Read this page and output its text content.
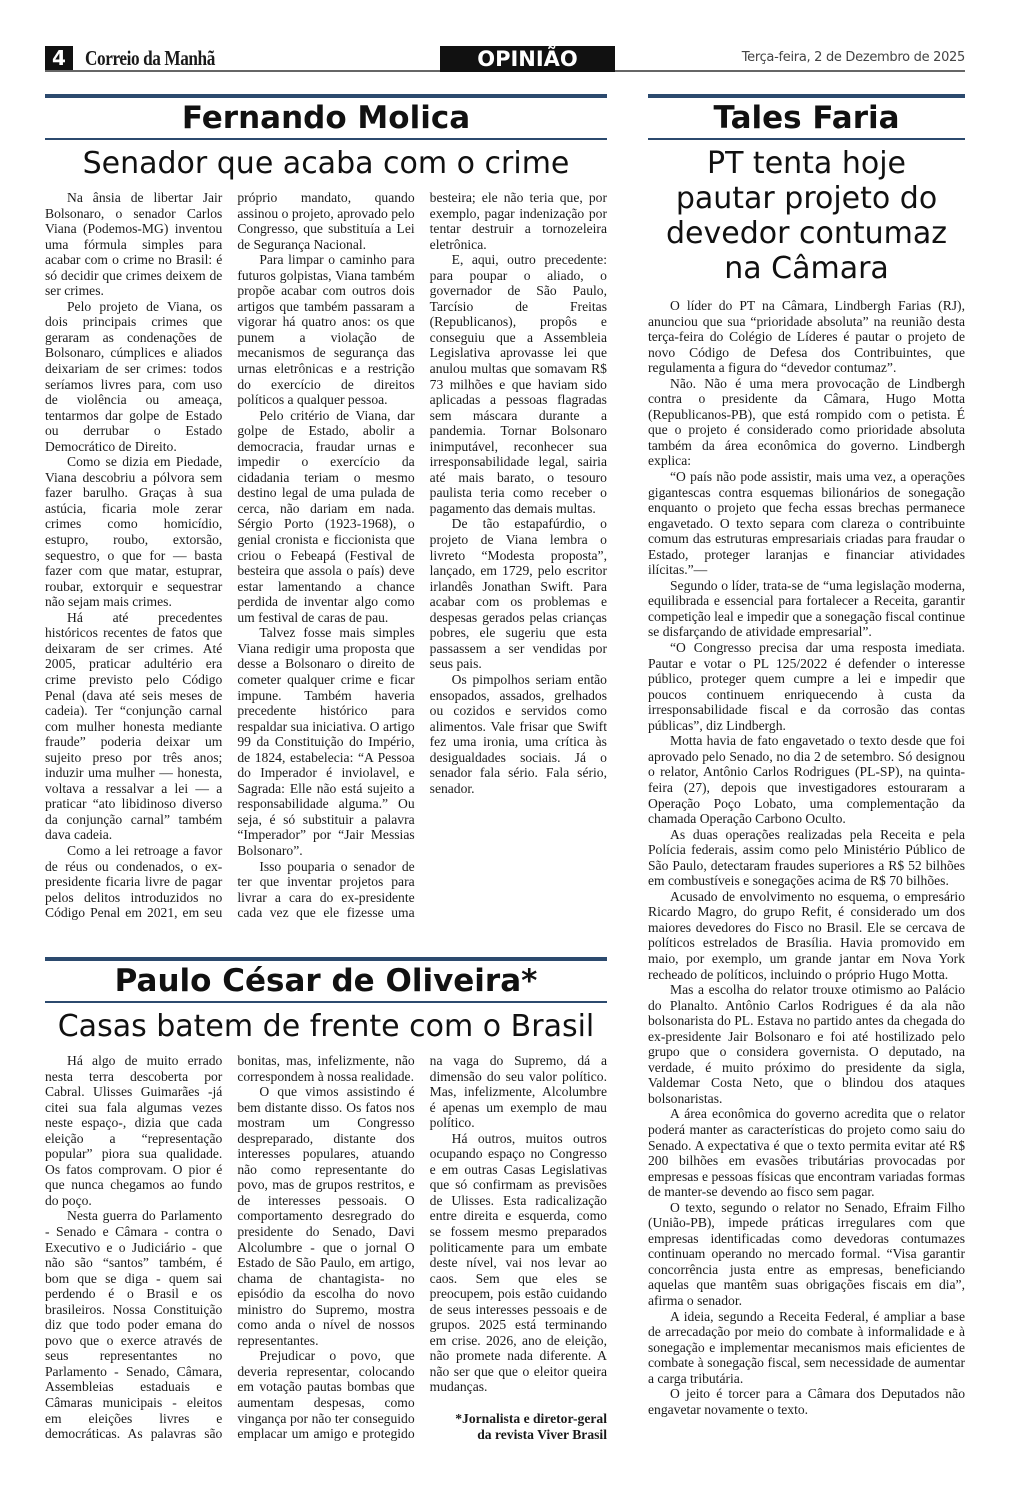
4 Correio da Manhã	OPINIÃO	Terça-feira, 2 de Dezembro de 2025
Fernando Molica
Senador que acaba com o crime

Na ânsia de libertar Jair Bolsonaro, o senador Carlos Viana (Podemos-MG) inventou uma fórmula simples para acabar com o crime no Brasil: é só decidir que crimes deixem de ser crimes.

Pelo projeto de Viana, os dois principais crimes que geraram as condenações de Bolsonaro, cúmplices e aliados deixariam de ser crimes: todos seríamos livres para, com uso de violência ou ameaça, tentarmos dar golpe de Estado ou derrubar o Estado Democrático de Direito.

Como se dizia em Piedade, Viana descobriu a pólvora sem fazer barulho. Graças à sua astúcia, ficaria mole zerar crimes como homicídio, estupro, roubo, extorsão, sequestro, o que for — basta fazer com que matar, estuprar, roubar, extorquir e sequestrar não sejam mais crimes.

Há até precedentes históricos recentes de fatos que deixaram de ser crimes. Até 2005, praticar adultério era crime previsto pelo Código Penal (dava até seis meses de cadeia). Ter “conjunção carnal com mulher honesta mediante fraude” poderia deixar um sujeito preso por três anos; induzir uma mulher — honesta, voltava a ressalvar a lei — a praticar “ato libidinoso diverso da conjunção carnal” também dava cadeia.

Como a lei retroage a favor de réus ou condenados, o ex-presidente ficaria livre de pagar pelos delitos introduzidos no Código Penal em 2021, em seu próprio mandato, quando assinou o projeto, aprovado pelo Congresso, que substituía a Lei de Segurança Nacional.

Para limpar o caminho para futuros golpistas, Viana também propõe acabar com outros dois artigos que também passaram a vigorar há quatro anos: os que punem a violação de mecanismos de segurança das urnas eletrônicas e a restrição do exercício de direitos políticos a qualquer pessoa.

Pelo critério de Viana, dar golpe de Estado, abolir a democracia, fraudar urnas e impedir o exercício da cidadania teriam o mesmo destino legal de uma pulada de cerca, não dariam em nada. Sérgio Porto (1923-1968), o genial cronista e ficcionista que criou o Febeapá (Festival de besteira que assola o país) deve estar lamentando a chance perdida de inventar algo como um festival de caras de pau.

Talvez fosse mais simples Viana redigir uma proposta que desse a Bolsonaro o direito de cometer qualquer crime e ficar impune. Também haveria precedente histórico para respaldar sua iniciativa. O artigo 99 da Constituição do Império, de 1824, estabelecia: “A Pessoa do Imperador é inviolavel, e Sagrada: Elle não está sujeito a responsabilidade alguma.” Ou seja, é só substituir a palavra “Imperador” por “Jair Messias Bolsonaro”.

Isso pouparia o senador de ter que inventar projetos para livrar a cara do ex-presidente cada vez que ele fizesse uma besteira; ele não teria que, por exemplo, pagar indenização por tentar destruir a tornozeleira eletrônica.

E, aqui, outro precedente: para poupar o aliado, o governador de São Paulo, Tarcísio de Freitas (Republicanos), propôs e conseguiu que a Assembleia Legislativa aprovasse lei que anulou multas que somavam R$ 73 milhões e que haviam sido aplicadas a pessoas flagradas sem máscara durante a pandemia. Tornar Bolsonaro inimputável, reconhecer sua irresponsabilidade legal, sairia até mais barato, o tesouro paulista teria como receber o pagamento das demais multas.

De tão estapafúrdio, o projeto de Viana lembra o livreto “Modesta proposta”, lançado, em 1729, pelo escritor irlandês Jonathan Swift. Para acabar com os problemas e despesas gerados pelas crianças pobres, ele sugeriu que esta passassem a ser vendidas por seus pais.

Os pimpolhos seriam então ensopados, assados, grelhados ou cozidos e servidos como alimentos. Vale frisar que Swift fez uma ironia, uma crítica às desigualdades sociais. Já o senador fala sério. Fala sério, senador.

Paulo César de Oliveira*
Casas batem de frente com o Brasil

Há algo de muito errado nesta terra descoberta por Cabral. Ulisses Guimarães -já citei sua fala algumas vezes neste espaço-, dizia que cada eleição a “representação popular” piora sua qualidade. Os fatos comprovam. O pior é que nunca chegamos ao fundo do poço.

Nesta guerra do Parlamento - Senado e Câmara - contra o Executivo e o Judiciário - que não são “santos” também, é bom que se diga - quem sai perdendo é o Brasil e os brasileiros. Nossa Constituição diz que todo poder emana do povo que o exerce através de seus representantes no Parlamento - Senado, Câmara, Assembleias estaduais e Câmaras municipais - eleitos em eleições livres e democráticas. As palavras são bonitas, mas, infelizmente, não correspondem à nossa realidade.

O que vimos assistindo é bem distante disso. Os fatos nos mostram um Congresso despreparado, distante dos interesses populares, atuando não como representante do povo, mas de grupos restritos, e de interesses pessoais. O comportamento desregrado do presidente do Senado, Davi Alcolumbre - que o jornal O Estado de São Paulo, em artigo, chama de chantagista- no episódio da escolha do novo ministro do Supremo, mostra como anda o nível de nossos representantes.

Prejudicar o povo, que deveria representar, colocando em votação pautas bombas que aumentam despesas, como vingança por não ter conseguido emplacar um amigo e protegido na vaga do Supremo, dá a dimensão do seu valor político. Mas, infelizmente, Alcolumbre é apenas um exemplo de mau político.

Há outros, muitos outros ocupando espaço no Congresso e em outras Casas Legislativas que só confirmam as previsões de Ulisses. Esta radicalização entre direita e esquerda, como se fossem mesmo preparados politicamente para um embate deste nível, vai nos levar ao caos. Sem que eles se preocupem, pois estão cuidando de seus interesses pessoais e de grupos. 2025 está terminando em crise. 2026, ano de eleição, não promete nada diferente. A não ser que que o eleitor queira mudanças.

*Jornalista e diretor-geral
da revista Viver Brasil
Tales Faria
PT tenta hoje pautar projeto do devedor contumaz na Câmara

O líder do PT na Câmara, Lindbergh Farias (RJ), anunciou que sua “prioridade absoluta” na reunião desta terça-feira do Colégio de Líderes é pautar o projeto de novo Código de Defesa dos Contribuintes, que regulamenta a figura do “devedor contumaz”.

Não. Não é uma mera provocação de Lindbergh contra o presidente da Câmara, Hugo Motta (Republicanos-PB), que está rompido com o petista. É que o projeto é considerado como prioridade absoluta também da área econômica do governo. Lindbergh explica:

“O país não pode assistir, mais uma vez, a operações gigantescas contra esquemas bilionários de sonegação enquanto o projeto que fecha essas brechas permanece engavetado. O texto separa com clareza o contribuinte comum das estruturas empresariais criadas para fraudar o Estado, proteger laranjas e financiar atividades ilícitas.”—

Segundo o líder, trata-se de “uma legislação moderna, equilibrada e essencial para fortalecer a Receita, garantir competição leal e impedir que a sonegação fiscal continue se disfarçando de atividade empresarial”.

“O Congresso precisa dar uma resposta imediata. Pautar e votar o PL 125/2022 é defender o interesse público, proteger quem cumpre a lei e impedir que poucos continuem enriquecendo à custa da irresponsabilidade fiscal e da corrosão das contas públicas”, diz Lindbergh.

Motta havia de fato engavetado o texto desde que foi aprovado pelo Senado, no dia 2 de setembro. Só designou o relator, Antônio Carlos Rodrigues (PL-SP), na quinta-feira (27), depois que investigadores estouraram a Operação Poço Lobato, uma complementação da chamada Operação Carbono Oculto.

As duas operações realizadas pela Receita e pela Polícia federais, assim como pelo Ministério Público de São Paulo, detectaram fraudes superiores a R$ 52 bilhões em combustíveis e sonegações acima de R$ 70 bilhões.

Acusado de envolvimento no esquema, o empresário Ricardo Magro, do grupo Refit, é considerado um dos maiores devedores do Fisco no Brasil. Ele se cercava de políticos estrelados de Brasília. Havia promovido em maio, por exemplo, um grande jantar em Nova York recheado de políticos, incluindo o próprio Hugo Motta.

Mas a escolha do relator trouxe otimismo ao Palácio do Planalto. Antônio Carlos Rodrigues é da ala não bolsonarista do PL. Estava no partido antes da chegada do ex-presidente Jair Bolsonaro e foi até hostilizado pelo grupo que o considera governista. O deputado, na verdade, é muito próximo do presidente da sigla, Valdemar Costa Neto, que o blindou dos ataques bolsonaristas.

A área econômica do governo acredita que o relator poderá manter as características do projeto como saiu do Senado. A expectativa é que o texto permita evitar até R$ 200 bilhões em evasões tributárias provocadas por empresas e pessoas físicas que encontram variadas formas de manter-se devendo ao fisco sem pagar.

O texto, segundo o relator no Senado, Efraim Filho (União-PB), impede práticas irregulares com que empresas identificadas como devedoras contumazes continuam operando no mercado formal. “Visa garantir concorrência justa entre as empresas, beneficiando aquelas que mantêm suas obrigações fiscais em dia”, afirma o senador.

A ideia, segundo a Receita Federal, é ampliar a base de arrecadação por meio do combate à informalidade e à sonegação e implementar mecanismos mais eficientes de combate à sonegação fiscal, sem necessidade de aumentar a carga tributária.

O jeito é torcer para a Câmara dos Deputados não engavetar novamente o texto.
